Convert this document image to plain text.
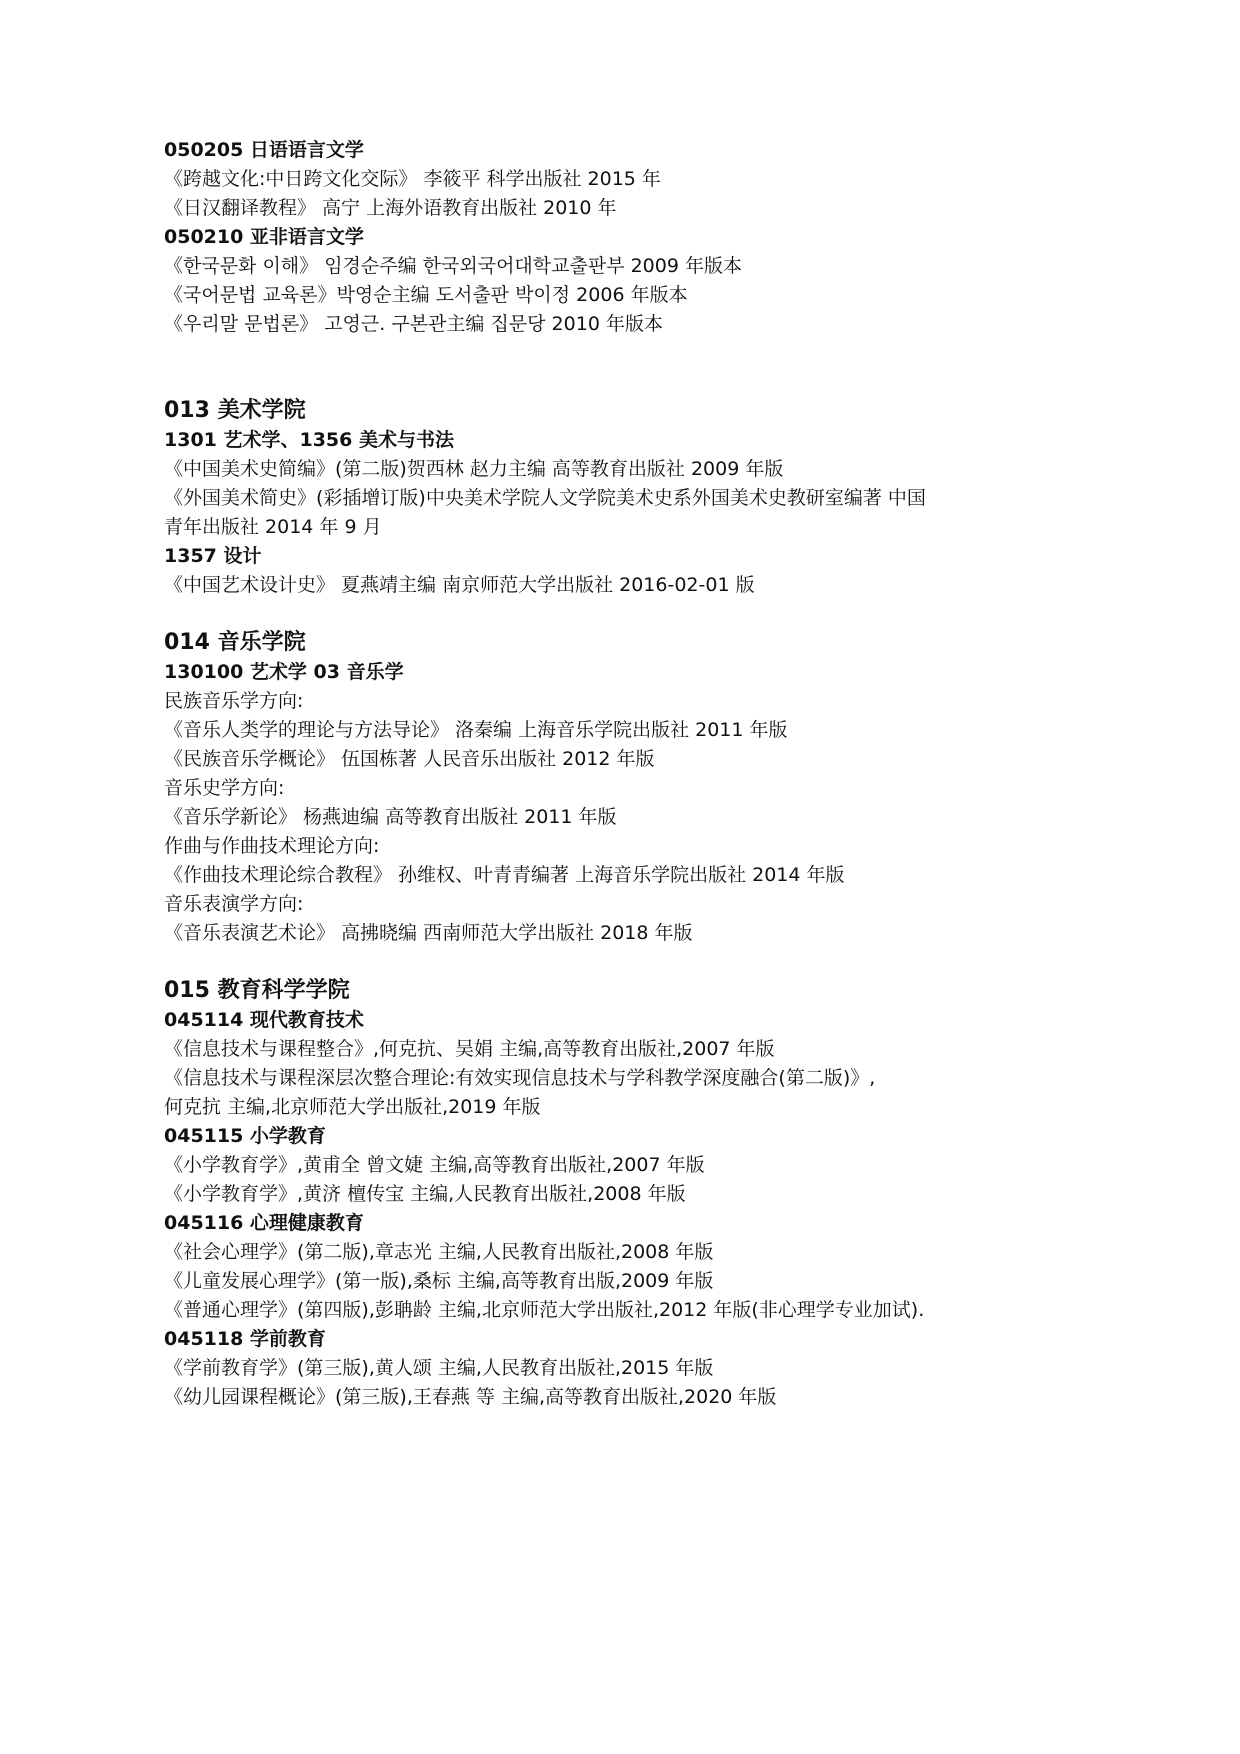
050205 日语语言文学
《跨越文化:中日跨文化交际》 李筱平 科学出版社 2015 年
《日汉翻译教程》 高宁 上海外语教育出版社 2010 年
050210 亚非语言文学
《한국문화 이해》 임경순주编 한국외국어대학교출판부 2009 年版本
《국어문법 교육론》박영순主编 도서출판 박이정 2006 年版本
《우리말 문법론》 고영근. 구본관主编 집문당 2010 年版本
013 美术学院
1301 艺术学、1356 美术与书法
《中国美术史简编》(第二版)贺西林 赵力主编 高等教育出版社 2009 年版
《外国美术简史》(彩插增订版)中央美术学院人文学院美术史系外国美术史教研室编著 中国
青年出版社 2014 年 9 月
1357 设计
《中国艺术设计史》 夏燕靖主编 南京师范大学出版社 2016-02-01 版
014 音乐学院
130100 艺术学 03 音乐学
民族音乐学方向:
《音乐人类学的理论与方法导论》 洛秦编 上海音乐学院出版社 2011 年版
《民族音乐学概论》 伍国栋著 人民音乐出版社 2012 年版
音乐史学方向:
《音乐学新论》 杨燕迪编 高等教育出版社 2011 年版
作曲与作曲技术理论方向:
《作曲技术理论综合教程》 孙维权、叶青青编著 上海音乐学院出版社 2014 年版
音乐表演学方向:
《音乐表演艺术论》 高拂晓编 西南师范大学出版社 2018 年版
015 教育科学学院
045114 现代教育技术
《信息技术与课程整合》,何克抗、吴娟 主编,高等教育出版社,2007 年版
《信息技术与课程深层次整合理论:有效实现信息技术与学科教学深度融合(第二版)》,
何克抗 主编,北京师范大学出版社,2019 年版
045115 小学教育
《小学教育学》,黄甫全 曾文婕 主编,高等教育出版社,2007 年版
《小学教育学》,黄济 檀传宝 主编,人民教育出版社,2008 年版
045116 心理健康教育
《社会心理学》(第二版),章志光 主编,人民教育出版社,2008 年版
《儿童发展心理学》(第一版),桑标 主编,高等教育出版,2009 年版
《普通心理学》(第四版),彭聃龄 主编,北京师范大学出版社,2012 年版(非心理学专业加试).
045118 学前教育
《学前教育学》(第三版),黄人颂 主编,人民教育出版社,2015 年版
《幼儿园课程概论》(第三版),王春燕 等 主编,高等教育出版社,2020 年版
